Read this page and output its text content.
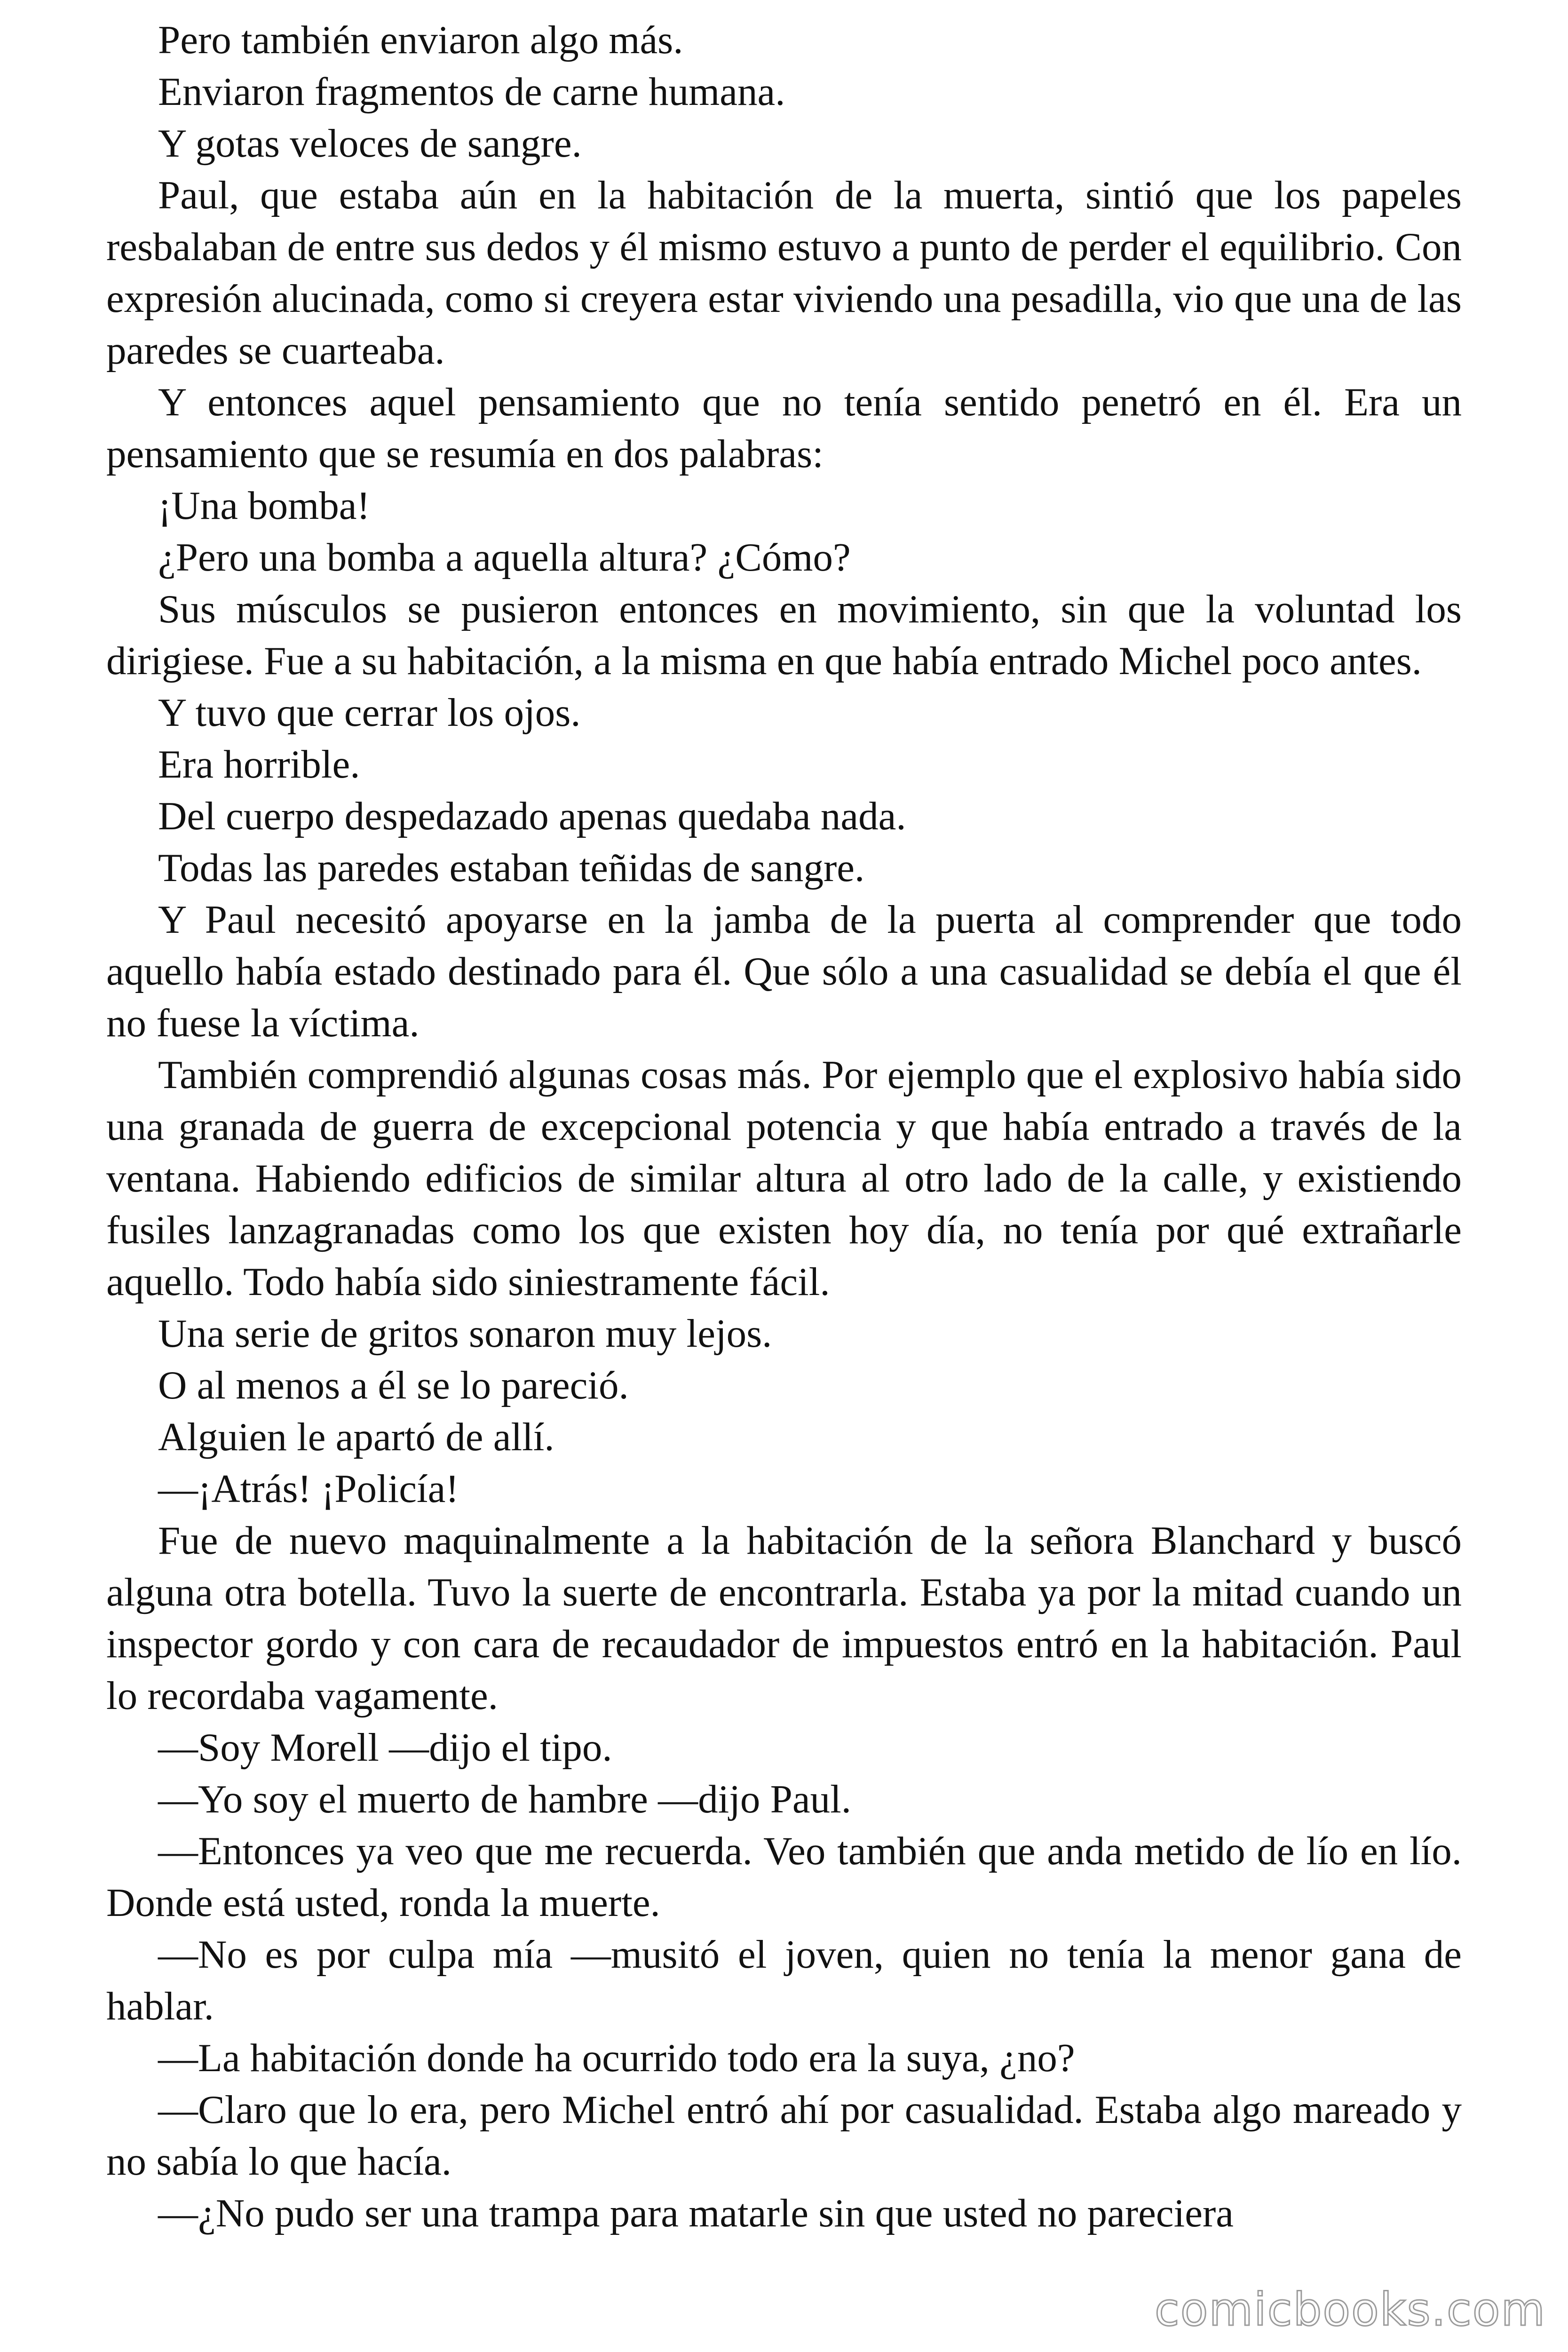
Pero también enviaron algo más.

Enviaron fragmentos de carne humana.

Y gotas veloces de sangre.

Paul, que estaba aún en la habitación de la muerta, sintió que los papeles resbalaban de entre sus dedos y él mismo estuvo a punto de perder el equilibrio. Con expresión alucinada, como si creyera estar viviendo una pesadilla, vio que una de las paredes se cuarteaba.

Y entonces aquel pensamiento que no tenía sentido penetró en él. Era un pensamiento que se resumía en dos palabras:

¡Una bomba!

¿Pero una bomba a aquella altura? ¿Cómo?

Sus músculos se pusieron entonces en movimiento, sin que la voluntad los dirigiese. Fue a su habitación, a la misma en que había entrado Michel poco antes.

Y tuvo que cerrar los ojos.

Era horrible.

Del cuerpo despedazado apenas quedaba nada.

Todas las paredes estaban teñidas de sangre.

Y Paul necesitó apoyarse en la jamba de la puerta al comprender que todo aquello había estado destinado para él. Que sólo a una casualidad se debía el que él no fuese la víctima.

También comprendió algunas cosas más. Por ejemplo que el explosivo había sido una granada de guerra de excepcional potencia y que había entrado a través de la ventana. Habiendo edificios de similar altura al otro lado de la calle, y existiendo fusiles lanzagranadas como los que existen hoy día, no tenía por qué extrañarle aquello. Todo había sido siniestramente fácil.

Una serie de gritos sonaron muy lejos.

O al menos a él se lo pareció.

Alguien le apartó de allí.

—¡Atrás! ¡Policía!

Fue de nuevo maquinalmente a la habitación de la señora Blanchard y buscó alguna otra botella. Tuvo la suerte de encontrarla. Estaba ya por la mitad cuando un inspector gordo y con cara de recaudador de impuestos entró en la habitación. Paul lo recordaba vagamente.

—Soy Morell —dijo el tipo.

—Yo soy el muerto de hambre —dijo Paul.

—Entonces ya veo que me recuerda. Veo también que anda metido de lío en lío. Donde está usted, ronda la muerte.

—No es por culpa mía —musitó el joven, quien no tenía la menor gana de hablar.

—La habitación donde ha ocurrido todo era la suya, ¿no?

—Claro que lo era, pero Michel entró ahí por casualidad. Estaba algo mareado y no sabía lo que hacía.

—¿No pudo ser una trampa para matarle sin que usted no pareciera

comicbooks.com
